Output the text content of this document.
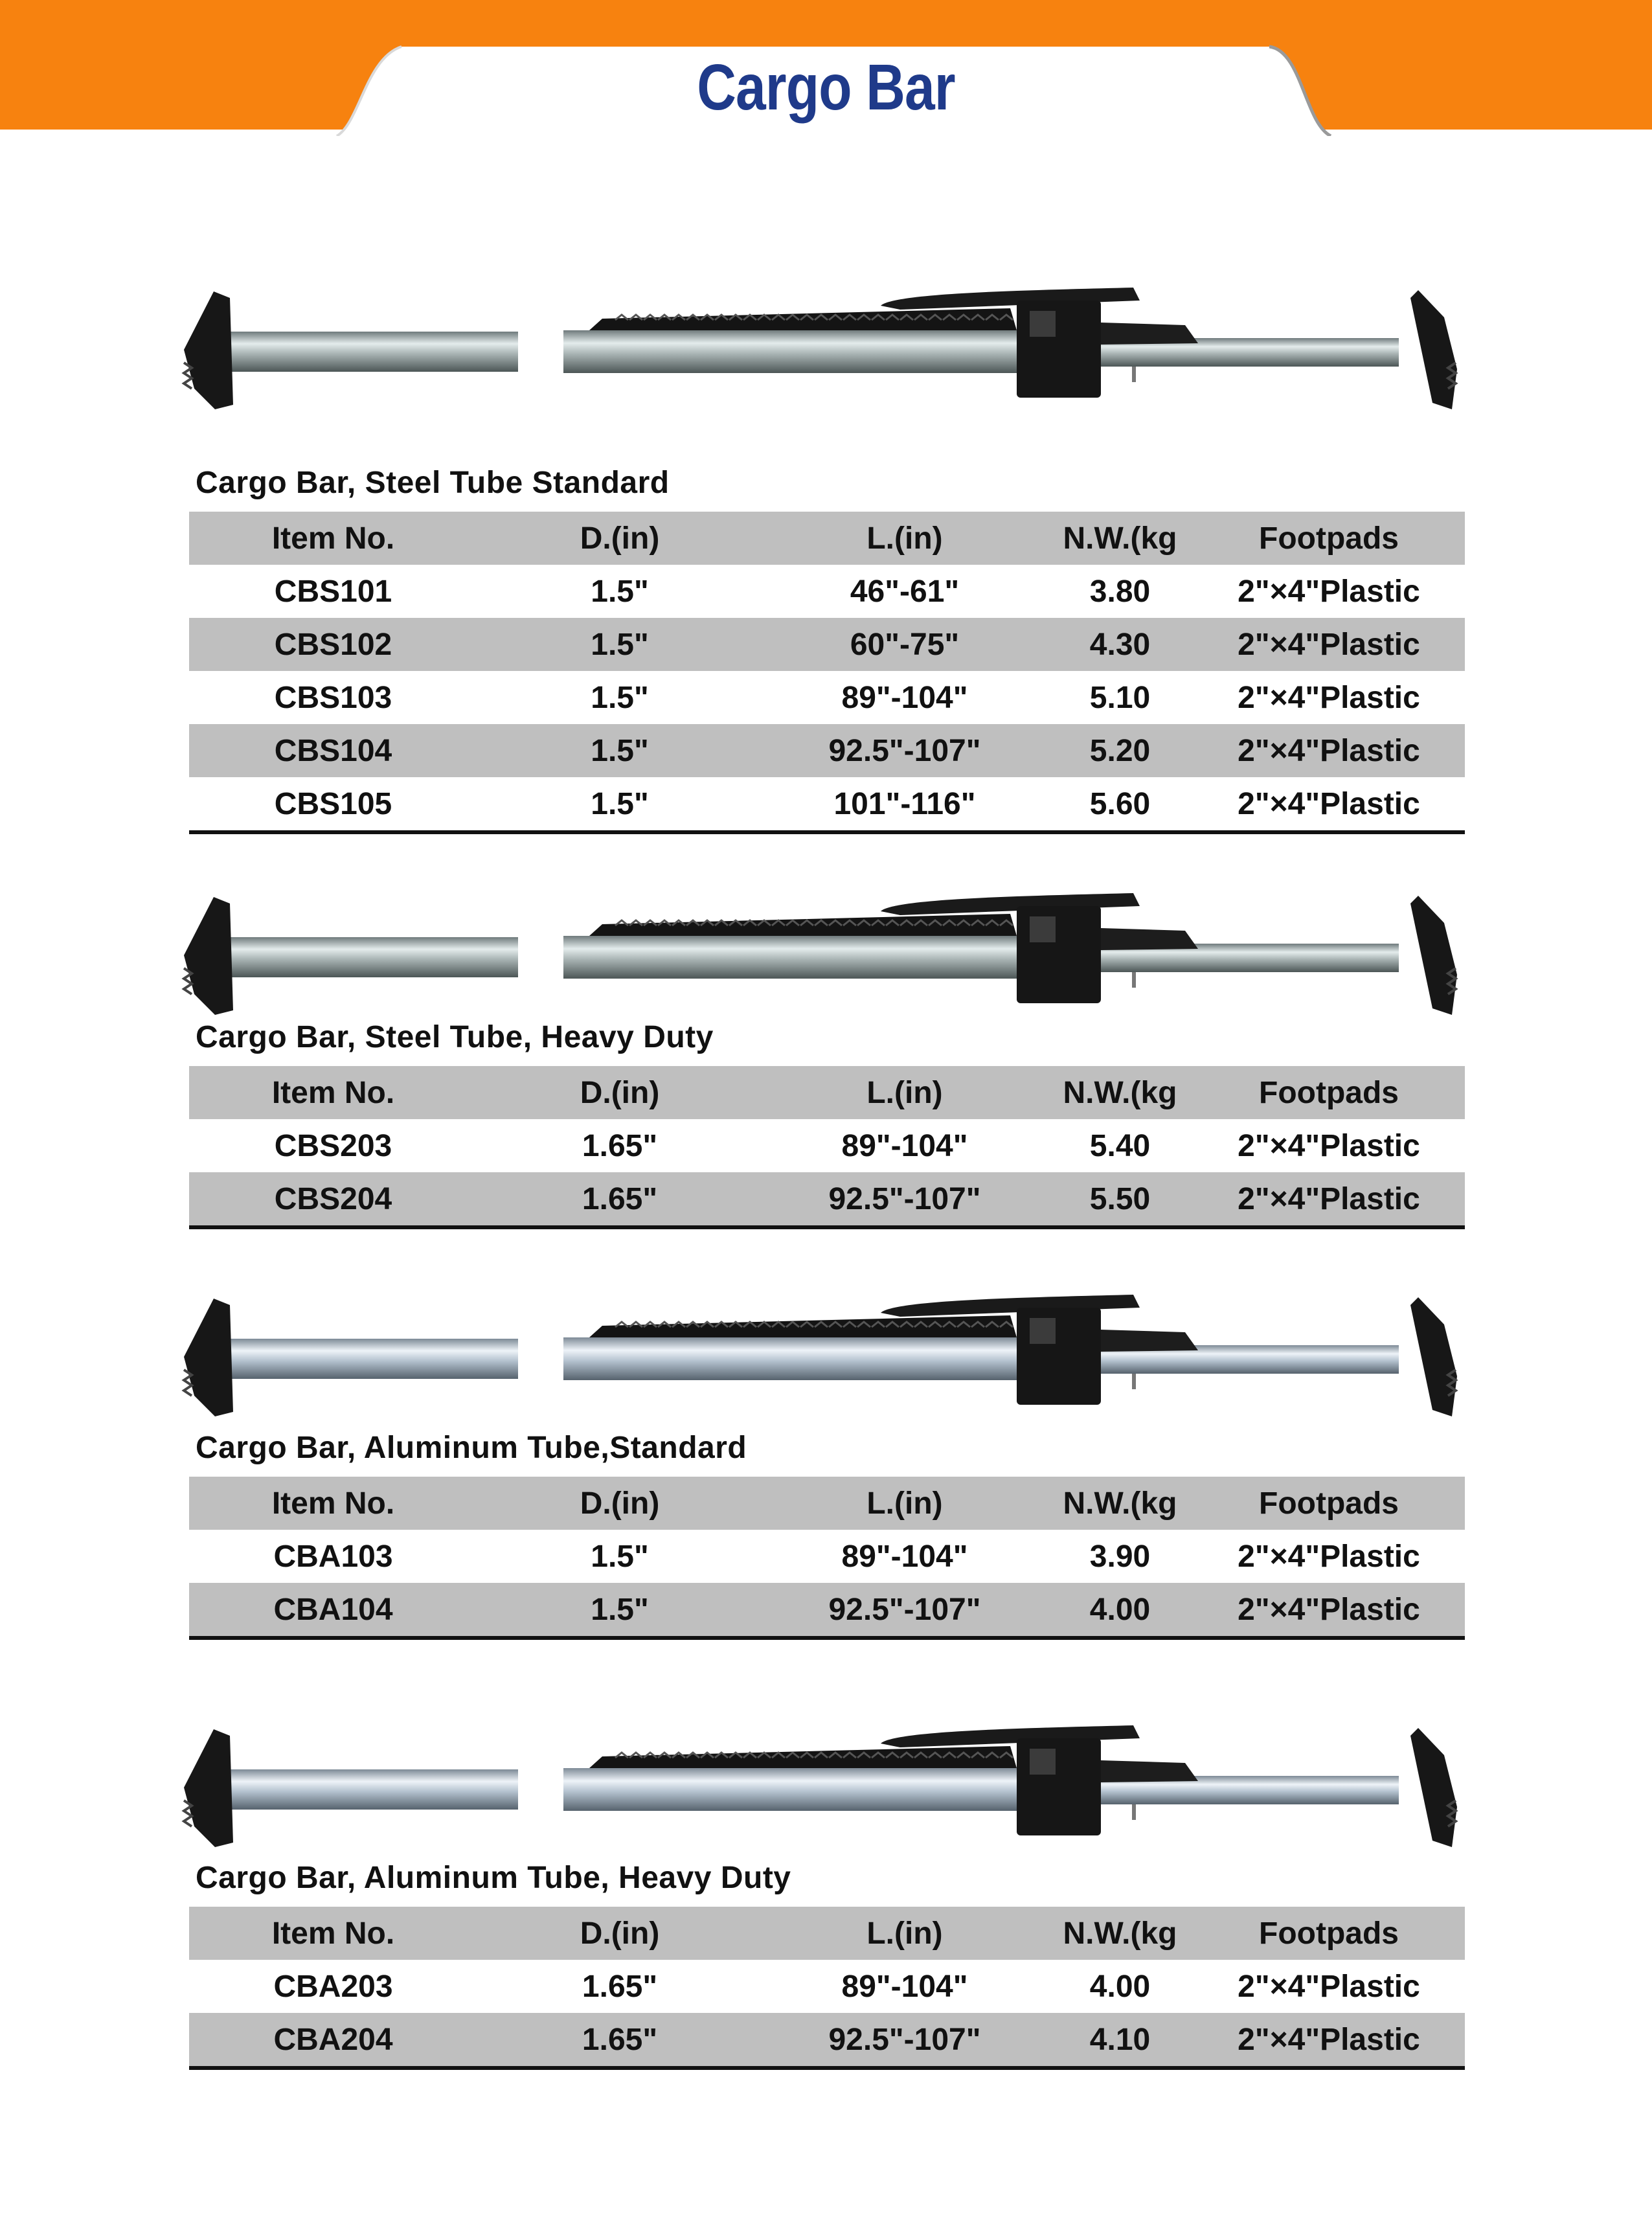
Cargo Bar
Cargo Bar, Steel Tube Standard
Item No.	D.(in)	L.(in)	N.W.(kg	Footpads
CBS101	1.5"	46"-61"	3.80	2"×4"Plastic
CBS102	1.5"	60"-75"	4.30	2"×4"Plastic
CBS103	1.5"	89"-104"	5.10	2"×4"Plastic
CBS104	1.5"	92.5"-107"	5.20	2"×4"Plastic
CBS105	1.5"	101"-116"	5.60	2"×4"Plastic
Cargo Bar, Steel Tube, Heavy Duty
Item No.	D.(in)	L.(in)	N.W.(kg	Footpads
CBS203	1.65"	89"-104"	5.40	2"×4"Plastic
CBS204	1.65"	92.5"-107"	5.50	2"×4"Plastic
Cargo Bar, Aluminum Tube,Standard
Item No.	D.(in)	L.(in)	N.W.(kg	Footpads
CBA103	1.5"	89"-104"	3.90	2"×4"Plastic
CBA104	1.5"	92.5"-107"	4.00	2"×4"Plastic
Cargo Bar, Aluminum Tube, Heavy Duty
Item No.	D.(in)	L.(in)	N.W.(kg	Footpads
CBA203	1.65"	89"-104"	4.00	2"×4"Plastic
CBA204	1.65"	92.5"-107"	4.10	2"×4"Plastic
